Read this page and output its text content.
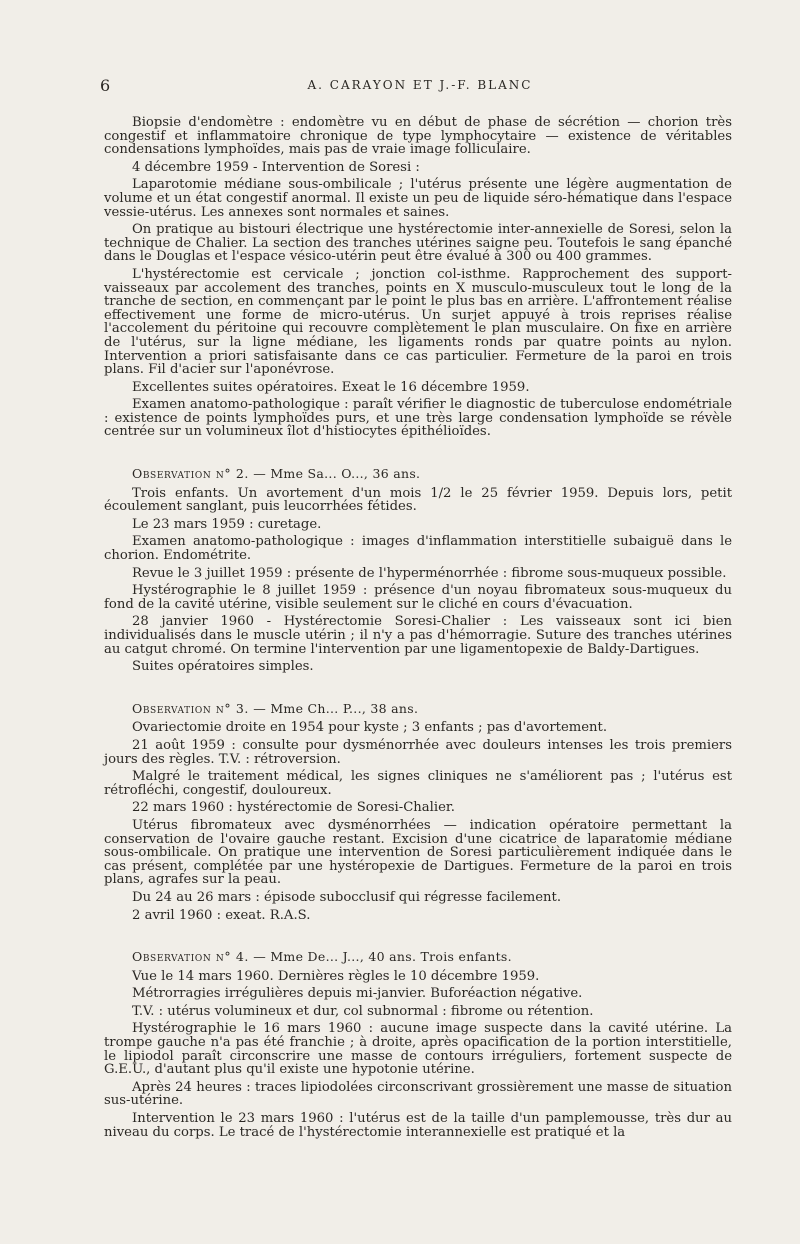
6	A. CARAYON ET J.-F. BLANC

Biopsie d'endomètre : endomètre vu en début de phase de sécrétion — chorion très congestif et inflammatoire chronique de type lymphocytaire — existence de véritables condensations lymphoïdes, mais pas de vraie image folliculaire.

4 décembre 1959 - Intervention de Soresi :

Laparotomie médiane sous-ombilicale ; l'utérus présente une légère augmentation de volume et un état congestif anormal. Il existe un peu de liquide séro-hématique dans l'espace vessie-utérus. Les annexes sont normales et saines.

On pratique au bistouri électrique une hystérectomie inter-annexielle de Soresi, selon la technique de Chalier. La section des tranches utérines saigne peu. Toutefois le sang épanché dans le Douglas et l'espace vésico-utérin peut être évalué à 300 ou 400 grammes.

L'hystérectomie est cervicale ; jonction col-isthme. Rapprochement des support-vaisseaux par accolement des tranches, points en X musculo-musculeux tout le long de la tranche de section, en commençant par le point le plus bas en arrière. L'affrontement réalise effectivement une forme de micro-utérus. Un surjet appuyé à trois reprises réalise l'accolement du péritoine qui recouvre complètement le plan musculaire. On fixe en arrière de l'utérus, sur la ligne médiane, les ligaments ronds par quatre points au nylon. Intervention a priori satisfaisante dans ce cas particulier. Fermeture de la paroi en trois plans. Fil d'acier sur l'aponévrose.

Excellentes suites opératoires. Exeat le 16 décembre 1959.

Examen anatomo-pathologique : paraît vérifier le diagnostic de tuberculose endométriale : existence de points lymphoïdes purs, et une très large condensation lymphoïde se révèle centrée sur un volumineux îlot d'histiocytes épithélioïdes.

Observation n° 2. — Mme Sa... O..., 36 ans.

Trois enfants. Un avortement d'un mois 1/2 le 25 février 1959. Depuis lors, petit écoulement sanglant, puis leucorrhées fétides.

Le 23 mars 1959 : curetage.

Examen anatomo-pathologique : images d'inflammation interstitielle subaiguë dans le chorion. Endométrite.

Revue le 3 juillet 1959 : présente de l'hyperménorrhée : fibrome sous-muqueux possible.

Hystérographie le 8 juillet 1959 : présence d'un noyau fibromateux sous-muqueux du fond de la cavité utérine, visible seulement sur le cliché en cours d'évacuation.

28 janvier 1960 - Hystérectomie Soresi-Chalier : Les vaisseaux sont ici bien individualisés dans le muscle utérin ; il n'y a pas d'hémorragie. Suture des tranches utérines au catgut chromé. On termine l'intervention par une ligamentopexie de Baldy-Dartigues.

Suites opératoires simples.

Observation n° 3. — Mme Ch... P..., 38 ans.

Ovariectomie droite en 1954 pour kyste ; 3 enfants ; pas d'avortement.

21 août 1959 : consulte pour dysménorrhée avec douleurs intenses les trois premiers jours des règles. T.V. : rétroversion.

Malgré le traitement médical, les signes cliniques ne s'améliorent pas ; l'utérus est rétrofléchi, congestif, douloureux.

22 mars 1960 : hystérectomie de Soresi-Chalier.

Utérus fibromateux avec dysménorrhées — indication opératoire permettant la conservation de l'ovaire gauche restant. Excision d'une cicatrice de laparatomie médiane sous-ombilicale. On pratique une intervention de Soresi particulièrement indiquée dans le cas présent, complétée par une hystéropexie de Dartigues. Fermeture de la paroi en trois plans, agrafes sur la peau.

Du 24 au 26 mars : épisode subocclusif qui régresse facilement.

2 avril 1960 : exeat. R.A.S.

Observation n° 4. — Mme De... J..., 40 ans. Trois enfants.

Vue le 14 mars 1960. Dernières règles le 10 décembre 1959.

Métrorragies irrégulières depuis mi-janvier. Buforéaction négative.

T.V. : utérus volumineux et dur, col subnormal : fibrome ou rétention.

Hystérographie le 16 mars 1960 : aucune image suspecte dans la cavité utérine. La trompe gauche n'a pas été franchie ; à droite, après opacification de la portion interstitielle, le lipiodol paraît circonscrire une masse de contours irréguliers, fortement suspecte de G.E.U., d'autant plus qu'il existe une hypotonie utérine.

Après 24 heures : traces lipiodolées circonscrivant grossièrement une masse de situation sus-utérine.

Intervention le 23 mars 1960 : l'utérus est de la taille d'un pamplemousse, très dur au niveau du corps. Le tracé de l'hystérectomie interannexielle est pratiqué et la
